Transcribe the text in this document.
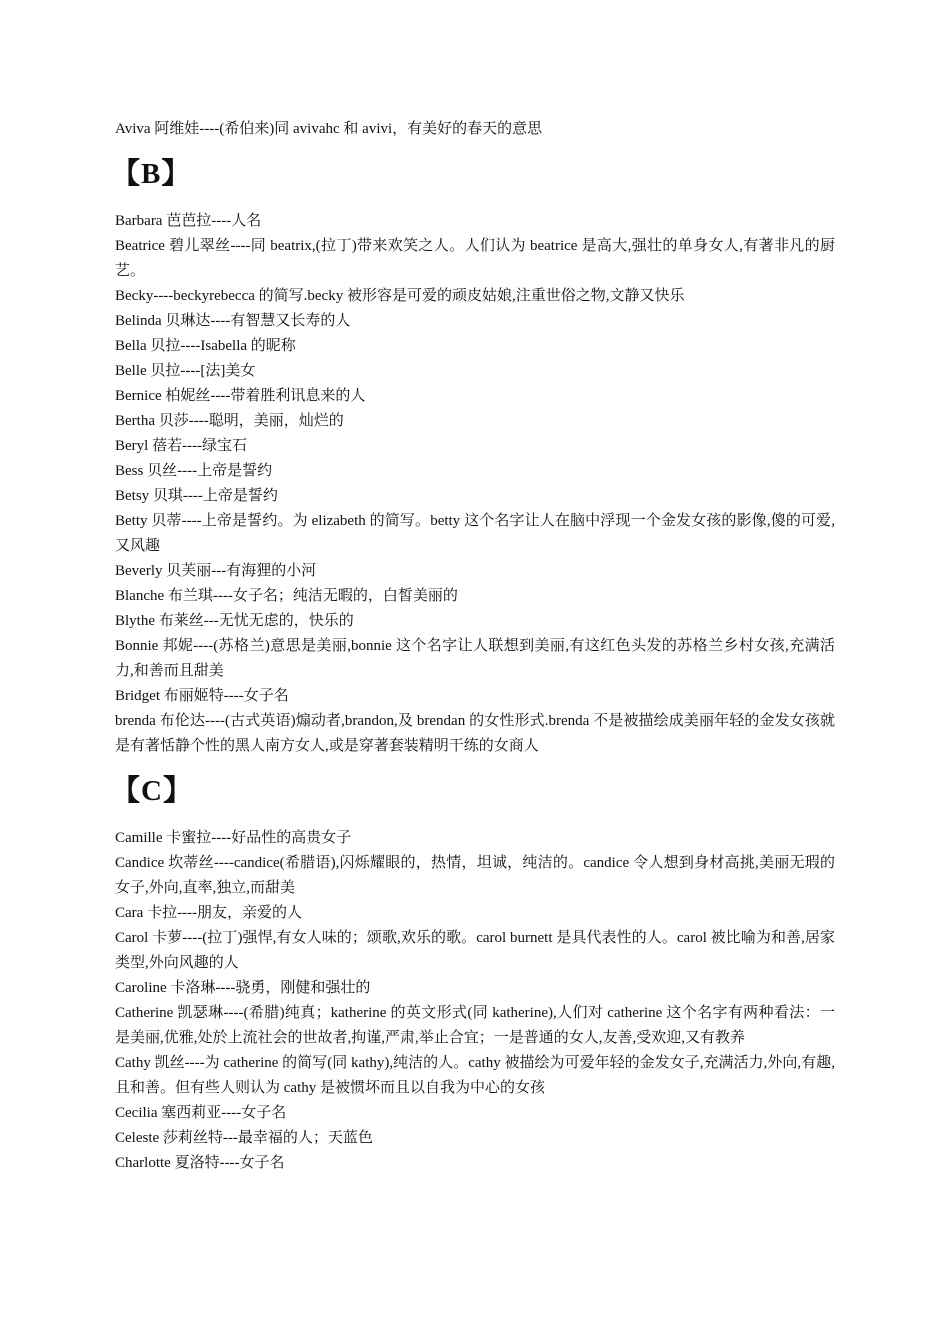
Aviva 阿维娃----(希伯来)同 avivahc 和 avivi，有美好的春天的意思

【B】

Barbara 芭芭拉----人名

Beatrice 碧儿翠丝----同 beatrix,(拉丁)带来欢笑之人。人们认为 beatrice 是高大,强壮的单身女人,有著非凡的厨艺。

Becky----beckyrebecca 的简写.becky 被形容是可爱的顽皮姑娘,注重世俗之物,文静又快乐

Belinda 贝琳达----有智慧又长寿的人

Bella 贝拉----Isabella 的昵称

Belle 贝拉----[法]美女

Bernice 柏妮丝----带着胜利讯息来的人

Bertha 贝莎----聪明，美丽，灿烂的

Beryl 蓓若----绿宝石

Bess 贝丝----上帝是誓约

Betsy 贝琪----上帝是誓约

Betty 贝蒂----上帝是誓约。为 elizabeth 的简写。betty 这个名字让人在脑中浮现一个金发女孩的影像,傻的可爱,又风趣

Beverly 贝芙丽---有海狸的小河

Blanche 布兰琪----女子名；纯洁无暇的，白皙美丽的

Blythe 布莱丝---无忧无虑的，快乐的

Bonnie 邦妮----(苏格兰)意思是美丽,bonnie 这个名字让人联想到美丽,有这红色头发的苏格兰乡村女孩,充满活力,和善而且甜美

Bridget 布丽姬特----女子名

brenda 布伦达----(古式英语)煽动者,brandon,及 brendan 的女性形式.brenda 不是被描绘成美丽年轻的金发女孩就是有著恬静个性的黑人南方女人,或是穿著套装精明干练的女商人

【C】

Camille 卡蜜拉----好品性的高贵女子

Candice 坎蒂丝----candice(希腊语),闪烁耀眼的，热情，坦诚，纯洁的。candice 令人想到身材高挑,美丽无瑕的女子,外向,直率,独立,而甜美

Cara 卡拉----朋友，亲爱的人

Carol 卡萝----(拉丁)强悍,有女人味的；颂歌,欢乐的歌。carol burnett 是具代表性的人。carol 被比喻为和善,居家类型,外向风趣的人

Caroline 卡洛琳----骁勇，刚健和强壮的

Catherine 凯瑟琳----(希腊)纯真；katherine 的英文形式(同 katherine),人们对 catherine 这个名字有两种看法：一是美丽,优雅,处於上流社会的世故者,拘谨,严肃,举止合宜；一是普通的女人,友善,受欢迎,又有教养

Cathy 凯丝----为 catherine 的简写(同 kathy),纯洁的人。cathy 被描绘为可爱年轻的金发女子,充满活力,外向,有趣,且和善。但有些人则认为 cathy 是被惯坏而且以自我为中心的女孩

Cecilia 塞西莉亚----女子名

Celeste 莎莉丝特---最幸福的人；天蓝色

Charlotte 夏洛特----女子名
